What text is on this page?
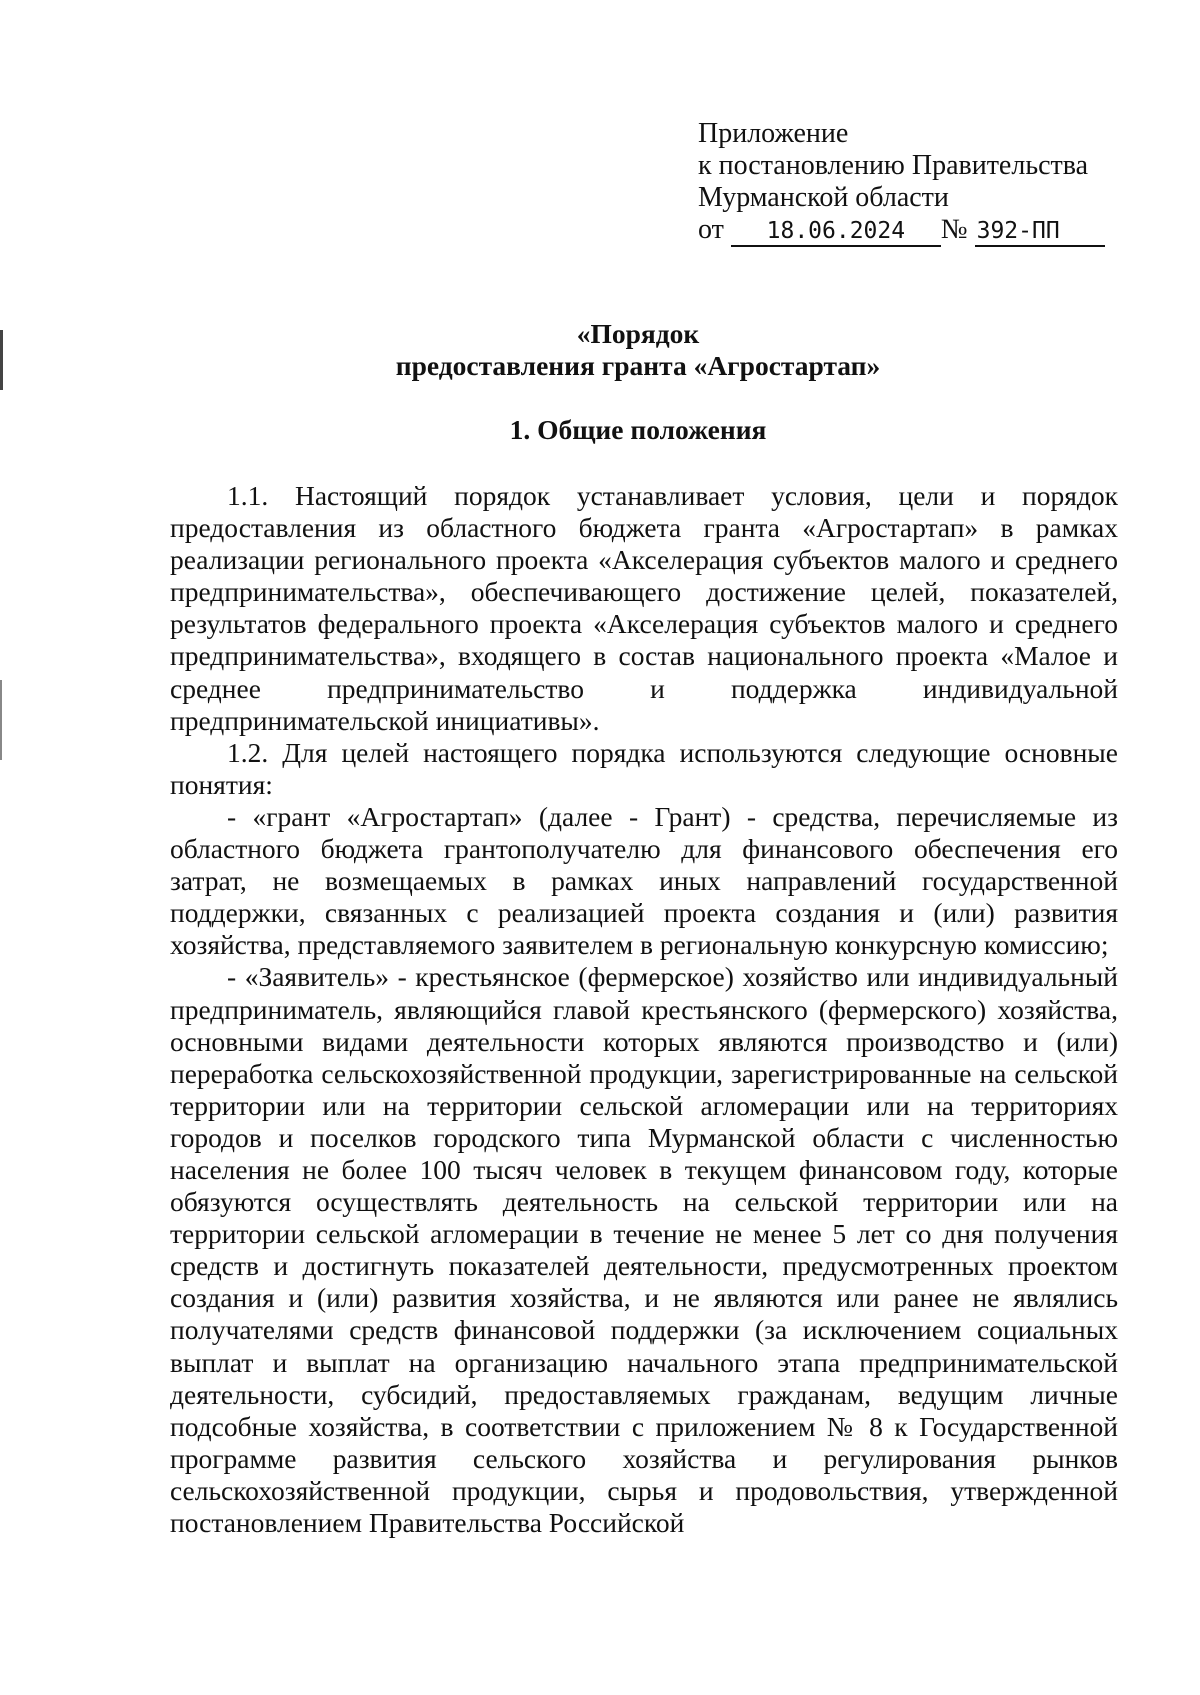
Приложение
к постановлению Правительства
Мурманской области
от 18.06.2024 № 392-ПП
«Порядок
предоставления гранта «Агростартап»
1. Общие положения

1.1. Настоящий порядок устанавливает условия, цели и порядок предоставления из областного бюджета гранта «Агростартап» в рамках реализации регионального проекта «Акселерация субъектов малого и среднего предпринимательства», обеспечивающего достижение целей, показателей, результатов федерального проекта «Акселерация субъектов малого и среднего предпринимательства», входящего в состав национального проекта «Малое и среднее предпринимательство и поддержка индивидуальной предпринимательской инициативы».

1.2. Для целей настоящего порядка используются следующие основные понятия:

- «грант «Агростартап» (далее - Грант) - средства, перечисляемые из областного бюджета грантополучателю для финансового обеспечения его затрат, не возмещаемых в рамках иных направлений государственной поддержки, связанных с реализацией проекта создания и (или) развития хозяйства, представляемого заявителем в региональную конкурсную комиссию;

- «Заявитель» - крестьянское (фермерское) хозяйство или индивидуальный предприниматель, являющийся главой крестьянского (фермерского) хозяйства, основными видами деятельности которых являются производство и (или) переработка сельскохозяйственной продукции, зарегистрированные на сельской территории или на территории сельской агломерации или на территориях городов и поселков городского типа Мурманской области с численностью населения не более 100 тысяч человек в текущем финансовом году, которые обязуются осуществлять деятельность на сельской территории или на территории сельской агломерации в течение не менее 5 лет со дня получения средств и достигнуть показателей деятельности, предусмотренных проектом создания и (или) развития хозяйства, и не являются или ранее не являлись получателями средств финансовой поддержки (за исключением социальных выплат и выплат на организацию начального этапа предпринимательской деятельности, субсидий, предоставляемых гражданам, ведущим личные подсобные хозяйства, в соответствии с приложением № 8 к Государственной программе развития сельского хозяйства и регулирования рынков сельскохозяйственной продукции, сырья и продовольствия, утвержденной постановлением Правительства Российской
